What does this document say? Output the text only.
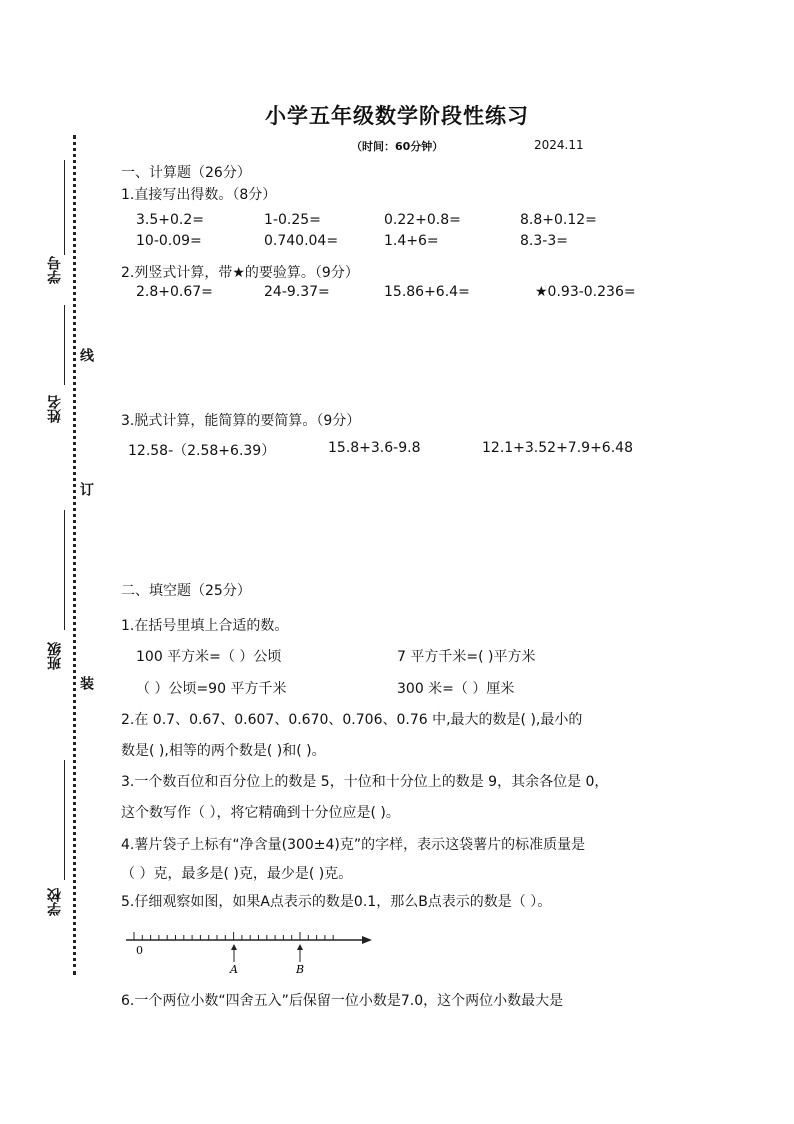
小学五年级数学阶段性练习
（时间：60分钟）	2024.11
学号
姓名
班级
学校
线
订
装
一、计算题（26分）
1.直接写出得数。（8分）
3.5+0.2=	1-0.25=	0.22+0.8=	8.8+0.12=
10-0.09=	0.740.04=	1.4+6=	8.3-3=
2.列竖式计算，带★的要验算。（9分）
2.8+0.67=	24-9.37=	15.86+6.4=	★0.93-0.236=
3.脱式计算，能简算的要简算。（9分）
12.58-（2.58+6.39）	15.8+3.6-9.8	12.1+3.52+7.9+6.48
二、填空题（25分）
1.在括号里填上合适的数。
100 平方米=（ ）公顷	7 平方千米=( )平方米
（ ）公顷=90 平方千米	300 米=（ ）厘米
2.在 0.7、0.67、0.607、0.670、0.706、0.76 中,最大的数是( ),最小的
数是( ),相等的两个数是( )和( )。
3.一个数百位和百分位上的数是 5，十位和十分位上的数是 9，其余各位是 0，
这个数写作（ ），将它精确到十分位应是( )。
4.薯片袋子上标有“净含量(300±4)克”的字样，表示这袋薯片的标准质量是
（ ）克，最多是( )克，最少是( )克。
5.仔细观察如图，如果A点表示的数是0.1，那么B点表示的数是（ ）。
0
A	B
6.一个两位小数“四舍五入”后保留一位小数是7.0，这个两位小数最大是
